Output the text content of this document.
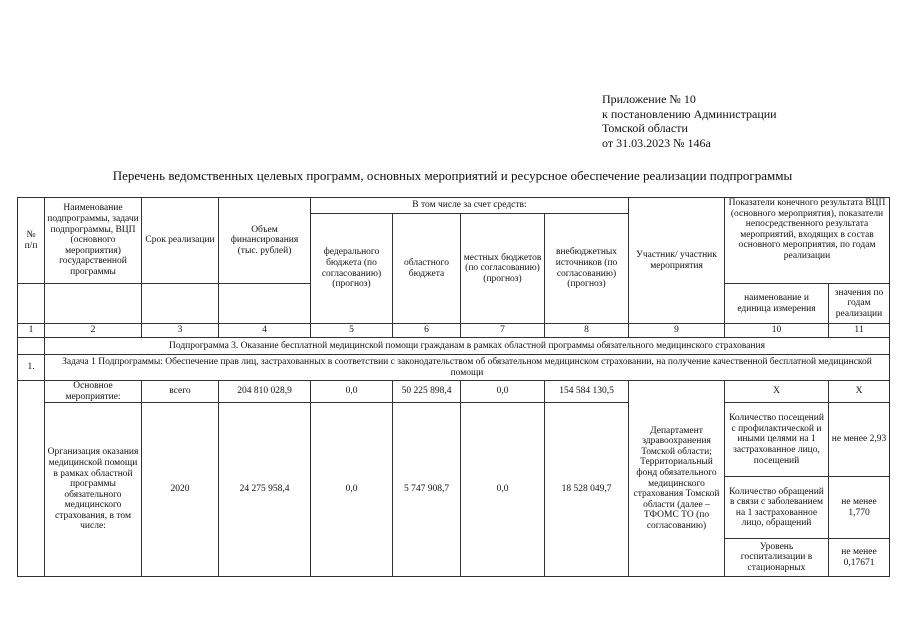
Приложение № 10
к постановлению Администрации
Томской области
от 31.03.2023 № 146а
Перечень ведомственных целевых программ, основных мероприятий и ресурсное обеспечение реализации подпрограммы
№
п/п	Наименование подпрограммы, задачи подпрограммы, ВЦП (основного мероприятия) государственной программы	Срок реализации	Объем финансирования (тыс. рублей)	В том числе за счет средств:				Участник/ участник мероприятия	Показатели конечного результата ВЦП (основного мероприятия), показатели непосредственного результата мероприятий, входящих в состав основного мероприятия, по годам реализации	
				федерального бюджета (по согласованию) (прогноз)	областного бюджета	местных бюджетов (по согласованию) (прогноз)	внебюджетных источников (по согласованию) (прогноз)			
									наименование и единица измерения	значения по годам реализации
1	2	3	4	5	6	7	8	9	10	11
	Подпрограмма 3. Оказание бесплатной медицинской помощи гражданам в рамках областной программы обязательного медицинского страхования									
1.	Задача 1 Подпрограммы: Обеспечение прав лиц, застрахованных в соответствии с законодательством об обязательном медицинском страховании, на получение качественной бесплатной медицинской помощи									
	Основное мероприятие:	всего	204 810 028,9	0,0	50 225 898,4	0,0	154 584 130,5	Департамент здравоохранения Томской области; Территориальный фонд обязательного медицинского страхования Томской области (далее – ТФОМС ТО (по согласованию)	X	X
	Организация оказания медицинской помощи в рамках областной программы обязательного медицинского страхования, в том числе:	2020	24 275 958,4	0,0	5 747 908,7	0,0	18 528 049,7		Количество посещений с профилактической и иными целями на 1 застрахованное лицо, посещений	не менее 2,93
									Количество обращений в связи с заболеванием на 1 застрахованное лицо, обращений	не менее 1,770
									Уровень госпитализации в стационарных	не менее 0,17671
